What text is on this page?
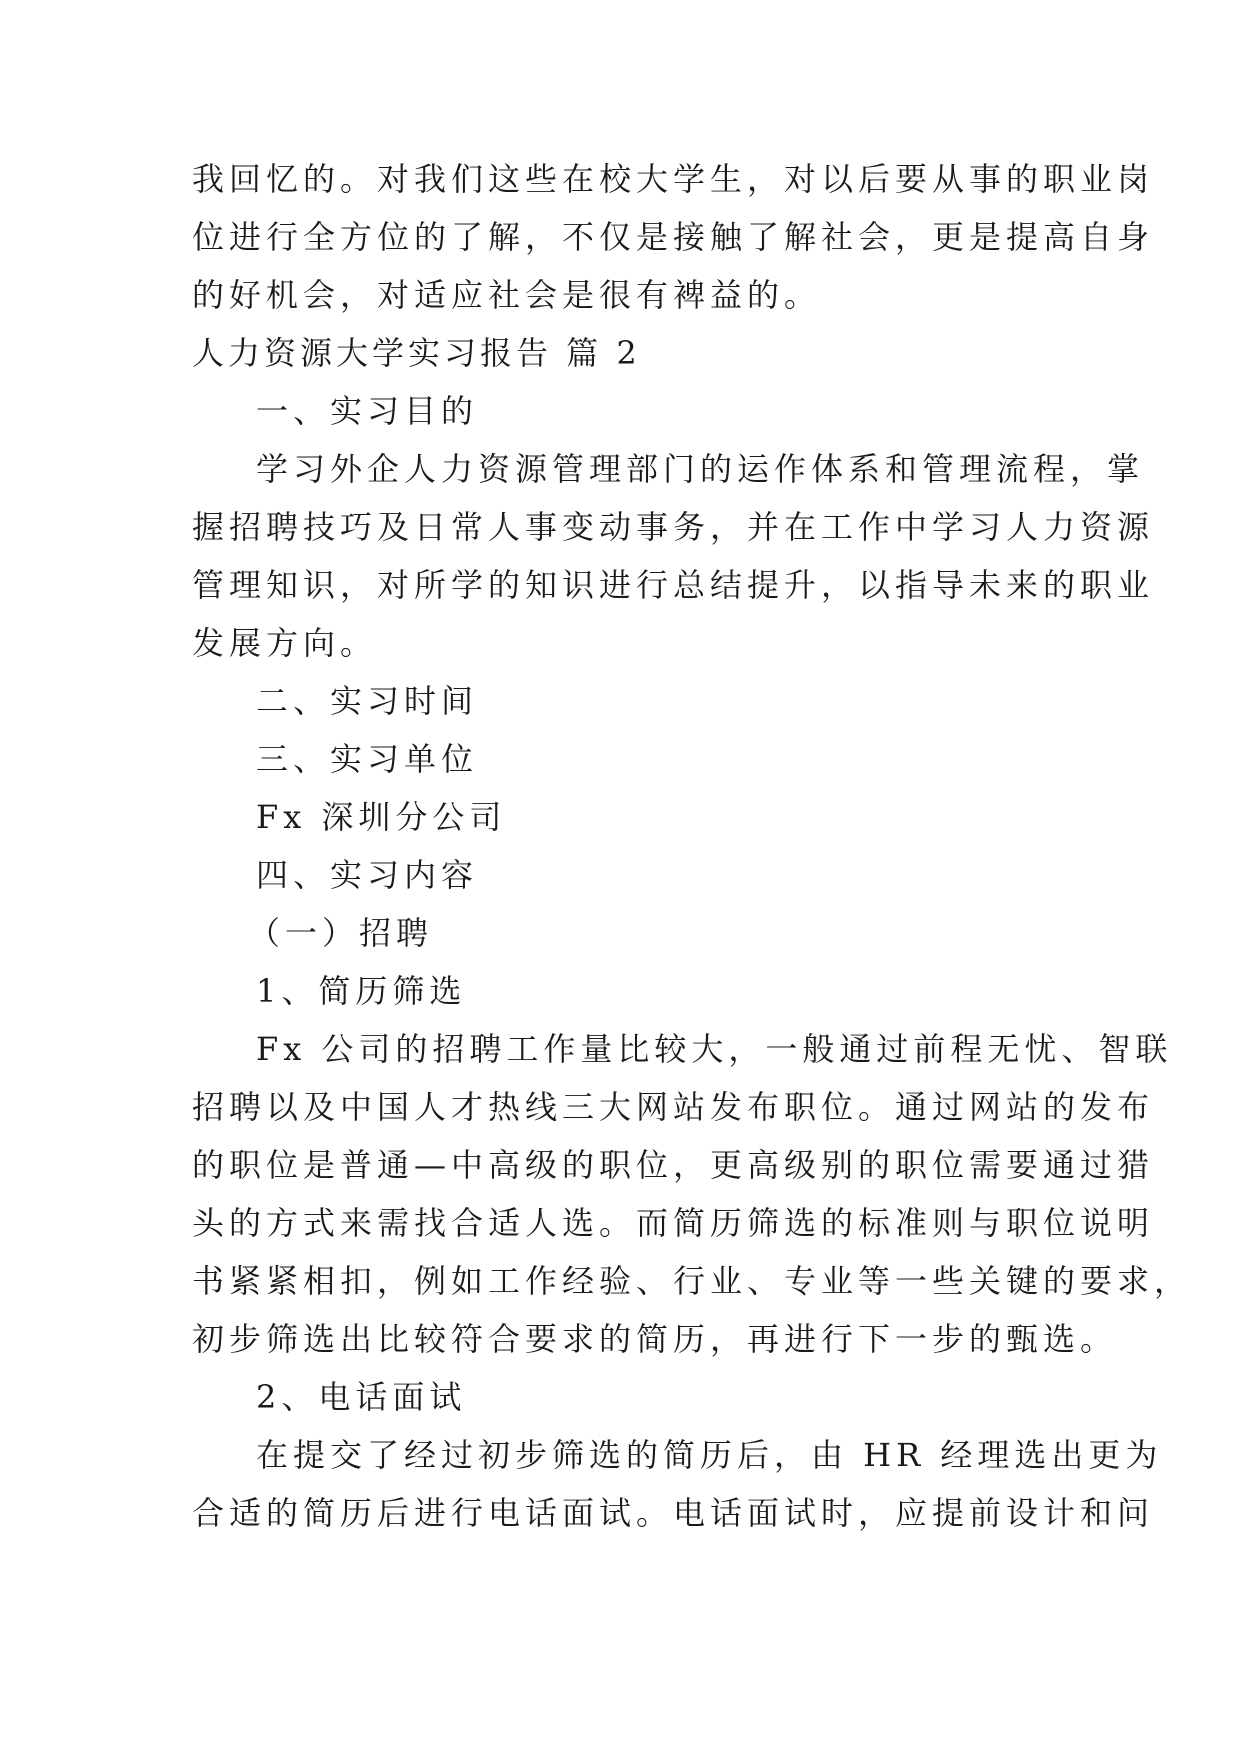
我回忆的。对我们这些在校大学生，对以后要从事的职业岗
位进行全方位的了解，不仅是接触了解社会，更是提高自身
的好机会，对适应社会是很有裨益的。
人力资源大学实习报告 篇 2
一、实习目的
学习外企人力资源管理部门的运作体系和管理流程，掌
握招聘技巧及日常人事变动事务，并在工作中学习人力资源
管理知识，对所学的知识进行总结提升，以指导未来的职业
发展方向。
二、实习时间
三、实习单位
Fx 深圳分公司
四、实习内容
（一）招聘
1、简历筛选
Fx 公司的招聘工作量比较大，一般通过前程无忧、智联
招聘以及中国人才热线三大网站发布职位。通过网站的发布
的职位是普通—中高级的职位，更高级别的职位需要通过猎
头的方式来需找合适人选。而简历筛选的标准则与职位说明
书紧紧相扣，例如工作经验、行业、专业等一些关键的要求，
初步筛选出比较符合要求的简历，再进行下一步的甄选。
2、电话面试
在提交了经过初步筛选的简历后，由 HR 经理选出更为
合适的简历后进行电话面试。电话面试时，应提前设计和问
